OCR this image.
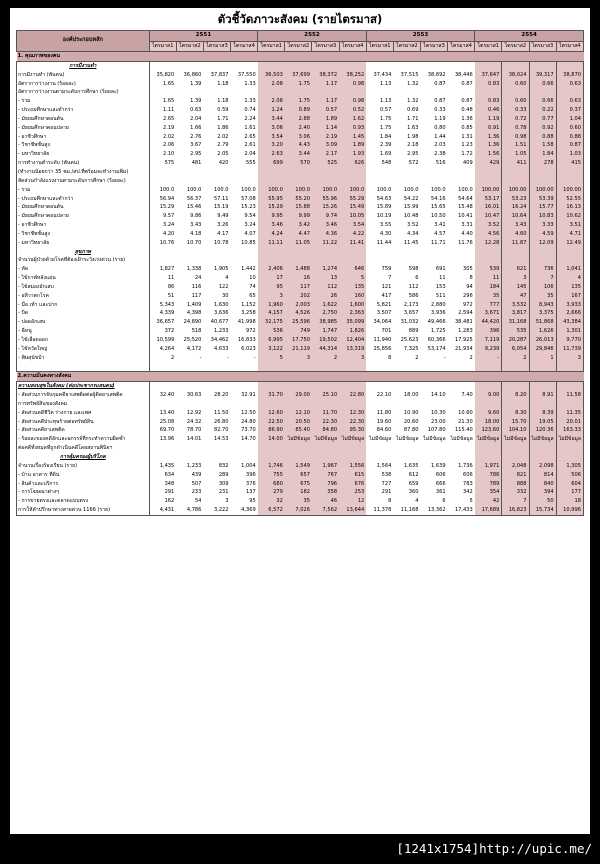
ตัวชี้วัดภาวะสังคม (รายไตรมาส)
องค์ประกอบหลัก	2551				2552				2553				2554			
	ไตรมาส1	ไตรมาส2	ไตรมาส3	ไตรมาส4	ไตรมาส1	ไตรมาส2	ไตรมาส3	ไตรมาส4	ไตรมาส1	ไตรมาส2	ไตรมาส3	ไตรมาส4	ไตรมาส1	ไตรมาส2	ไตรมาส3	ไตรมาส4
1. คุณภาพของคน																
การมีงานทำ																
การมีงานทำ (พันคน)	35,820	36,860	37,837	37,550	36,503	37,699	38,372	38,252	37,434	37,515	38,692	38,446	37,647	38,024	39,317	38,870
อัตราการว่างงาน (ร้อยละ)	1.65	1.39	1.18	1.33	2.08	1.75	1.17	0.98	1.13	1.32	0.87	0.87	0.83	0.60	0.66	0.63
อัตราการว่างงานตามระดับการศึกษา (ร้อยละ)																
- รวม	1.65	1.39	1.18	1.33	2.08	1.75	1.17	0.98	1.13	1.32	0.87	0.87	0.83	0.60	0.66	0.63
- ประถมศึกษาและต่ำกว่า	1.11	0.63	0.59	0.74	1.24	0.89	0.57	0.52	0.57	0.69	0.33	0.48	0.46	0.33	0.22	0.37
- มัธยมศึกษาตอนต้น	2.65	2.04	1.71	2.24	3.44	2.88	1.89	1.62	1.75	1.71	1.19	1.36	1.19	0.72	0.77	1.04
- มัธยมศึกษาตอนปลาย	2.19	1.66	1.86	1.61	3.06	2.40	1.14	0.93	1.75	1.63	0.80	0.85	0.91	0.78	0.92	0.60
- อาชีวศึกษา	2.02	2.76	2.02	2.65	3.54	3.06	2.19	1.45	1.84	1.98	1.44	1.31	1.36	0.98	0.88	0.88
- วิชาชีพชั้นสูง	2.06	3.67	2.79	2.61	3.20	4.43	3.09	1.89	2.39	2.18	2.03	1.23	1.36	1.51	1.58	0.87
- มหาวิทยาลัย	2.10	2.95	2.05	2.04	2.63	3.44	2.17	1.93	1.69	2.95	2.38	1.72	1.56	1.05	1.84	1.03
การทำงานต่ำระดับ (พันคน)	575	481	420	555	699	570	525	626	548	572	516	409	429	411	278	415
(ทำงานน้อยกว่า 35 ชม./สป.ที่พร้อมจะทำงานเพิ่ม)																
สัดส่วนกำลังแรงงานตามระดับการศึกษา (ร้อยละ)																
- รวม	100.0	100.0	100.0	100.0	100.0	100.0	100.0	100.0	100.0	100.0	100.0	100.0	100.00	100.00	100.00	100.00
- ประถมศึกษาและต่ำกว่า	56.94	56.37	57.11	57.08	55.95	55.20	55.96	55.29	54.63	54.22	54.16	54.64	53.17	53.23	53.39	52.55
- มัธยมศึกษาตอนต้น	15.29	15.46	15.19	15.23	15.29	15.88	15.26	15.49	15.89	15.99	15.65	15.48	16.01	16.24	15.77	16.13
- มัธยมศึกษาตอนปลาย	9.57	9.86	9.49	9.54	9.95	9.99	9.74	10.05	10.19	10.48	10.50	10.41	10.47	10.64	10.83	10.62
- อาชีวศึกษา	3.24	3.43	3.26	3.24	3.46	3.42	3.46	3.54	3.55	3.52	3.41	3.31	3.52	3.43	3.33	3.51
- วิชาชีพชั้นสูง	4.20	4.18	4.17	4.07	4.24	4.47	4.36	4.22	4.30	4.34	4.57	4.40	4.56	4.60	4.59	4.71
- มหาวิทยาลัย	10.76	10.70	10.78	10.85	11.11	11.05	11.22	11.41	11.44	11.45	11.71	11.76	12.28	11.87	12.09	12.49
สุขภาพ																
จำนวนผู้ป่วยด้วยโรคที่ต้องเฝ้าระวังเร่งด่วน (ราย)																
- หัด	1,827	1,338	1,905	1,442	2,406	1,488	1,274	646	759	598	691	305	539	621	736	1,041
- ไข้กาฬหลังแอ่น	11	24	4	10	17	16	13	5	7	6	11	8	11	3	7	4
- ไข้สมองอักเสบ	86	116	122	74	95	117	112	135	121	112	153	94	184	145	106	135
- อหิวาตกโรค	51	117	30	65	3	202	26	160	417	586	511	296	35	47	35	167
- มือ เท้า และปาก	5,343	1,409	1,630	1,152	1,960	2,003	1,622	1,600	5,821	2,173	2,880	972	777	3,532	8,943	3,933
- บิด	4,339	4,398	3,636	3,258	4,157	4,526	2,750	2,363	3,507	3,657	3,936	2,594	3,671	3,817	3,375	2,666
- ปอดอักเสบ	36,657	24,890	40,677	41,998	32,175	25,596	38,985	35,099	34,064	31,032	49,466	38,481	44,420	31,168	51,868	43,384
- ฉี่หนู	372	518	1,233	972	536	749	1,747	1,826	701	889	1,725	1,283	396	535	1,626	1,301
- ไข้เลือดออก	10,599	25,520	34,462	16,833	6,995	17,750	19,502	12,404	11,940	25,623	60,366	17,925	7,119	20,287	26,013	9,770
- ไข้หวัดใหญ่	4,264	4,172	4,633	6,023	3,122	21,119	44,314	13,319	25,856	7,325	53,174	21,934	9,239	6,054	29,846	11,739
- พิษสุนัขบ้า	2	-	-	-	5	3	2	3	8	2	-	2	-	2	1	3

2.ความมั่นคงทางสังคม																
ความสงบสุขในสังคม (ต่อประชากรแสนคน)																
- สัดส่วนการจับกุมคดียาเสพติดต่อผู้ติดยาเสพติด	32.40	30.63	28.20	32.91	31.70	29.00	25.10	22.80	22.10	18.00	14.10	7.40	9.00	8.20	8.91	11.58
การทรัพย์สินของสังคม																
- สัดส่วนคดีชีวิต ร่างกาย และเพศ	13.40	12.92	11.50	12.50	12.60	12.10	11.70	12.30	11.80	10.90	10.30	10.60	9.60	8.30	8.39	11.35
- สัดส่วนคดีประทุษร้ายต่อทรัพย์สิน	25.08	24.32	26.80	24.80	22.50	20.50	22.30	22.30	19.60	20.60	23.00	21.30	18.00	15.70	19.05	20.01
- สัดส่วนคดียาเสพติด	69.70	78.70	82.70	73.70	86.90	85.40	84.80	95.30	84.60	87.80	107.80	115.40	123.60	104.10	120.36	163.33
- ร้อยละของคดีลักและฉกรรจ์ที่กระทำความผิดซ้ำ	13.96	14.01	14.53	14.70	14.00	ไม่มีข้อมูล	ไม่มีข้อมูล	ไม่มีข้อมูล	ไม่มีข้อมูล	ไม่มีข้อมูล	ไม่มีข้อมูล	ไม่มีข้อมูล	ไม่มีข้อมูล	ไม่มีข้อมูล	ไม่มีข้อมูล	ไม่มีข้อมูล
ต่อคดีทั้งหมดที่ถูกดำเนินคดีโดยสถานพินิจฯ																
การคุ้มครองผู้บริโภค																
จำนวนเรื่องร้องเรียน (ราย)	1,435	1,233	832	1,004	1,746	1,549	1,967	1,556	1,564	1,635	1,639	1,736	1,971	2,048	2,098	1,305
- บ้าน อาคาร ที่ดิน	634	439	289	396	755	657	767	615	538	612	606	606	786	821	814	506
- สินค้าและบริการ	348	507	309	376	680	675	796	676	727	659	666	783	789	888	840	604
- การโฆษณาต่างๆ	291	233	231	137	279	182	358	253	291	360	361	342	354	332	394	177
- การขายตรงและตลาดแบบตรง	162	54	3	95	32	35	46	12	8	4	6	5	42	7	50	18
การให้คำปรึกษาทางสายด่วน 1166 (ราย)	4,431	4,786	3,222	4,369	6,572	7,026	7,562	13,644	11,378	11,168	13,362	17,433	17,689	16,823	15,734	10,996
[1241x1754]http://upic.me/
